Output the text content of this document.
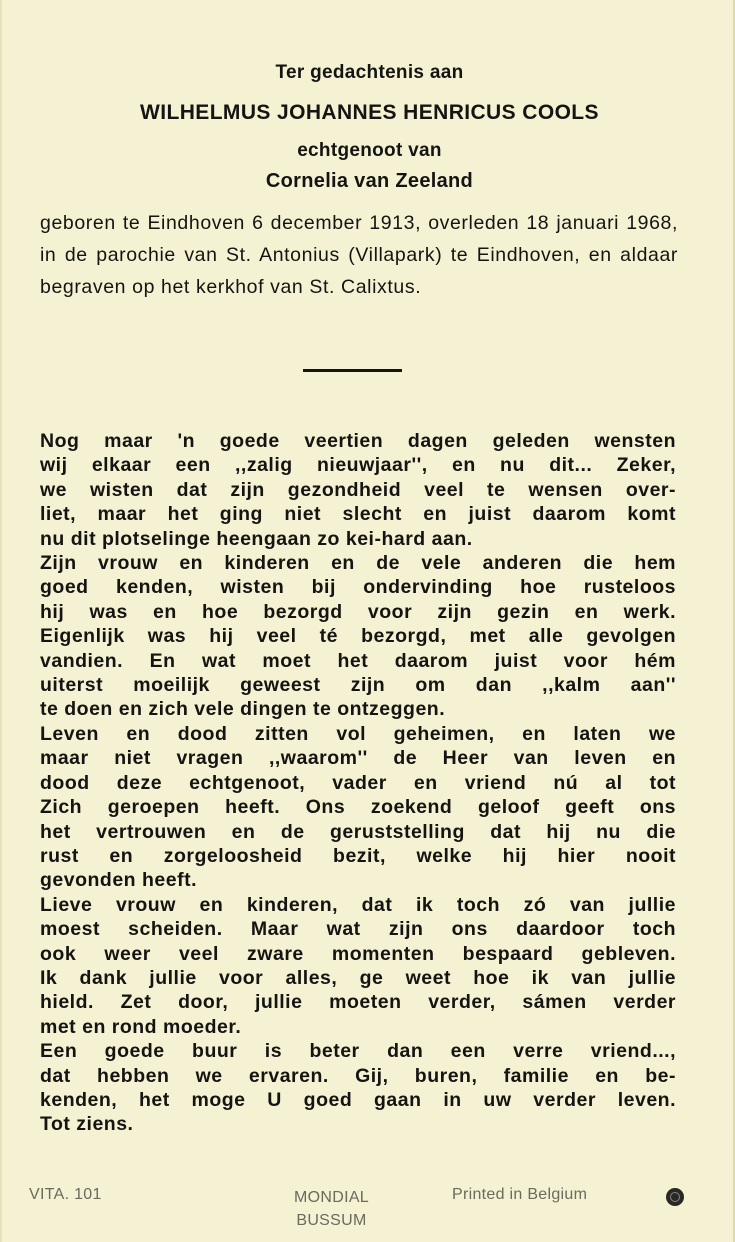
Ter gedachtenis aan
WILHELMUS JOHANNES HENRICUS COOLS
echtgenoot van
Cornelia van Zeeland
geboren te Eindhoven 6 december 1913, overleden 18 januari 1968, in de parochie van St. Antonius (Villapark) te Eindhoven, en aldaar begraven op het kerkhof van St. Calixtus.
Nog maar 'n goede veertien dagen geleden wensten
wij elkaar een ,,zalig nieuwjaar'', en nu dit... Zeker,
we wisten dat zijn gezondheid veel te wensen over-
liet, maar het ging niet slecht en juist daarom komt
nu dit plotselinge heengaan zo kei-hard aan.
Zijn vrouw en kinderen en de vele anderen die hem
goed kenden, wisten bij ondervinding hoe rusteloos
hij was en hoe bezorgd voor zijn gezin en werk.
Eigenlijk was hij veel té bezorgd, met alle gevolgen
vandien. En wat moet het daarom juist voor hém
uiterst moeilijk geweest zijn om dan ,,kalm aan''
te doen en zich vele dingen te ontzeggen.
Leven en dood zitten vol geheimen, en laten we
maar niet vragen ,,waarom'' de Heer van leven en
dood deze echtgenoot, vader en vriend nú al tot
Zich geroepen heeft. Ons zoekend geloof geeft ons
het vertrouwen en de geruststelling dat hij nu die
rust en zorgeloosheid bezit, welke hij hier nooit
gevonden heeft.
Lieve vrouw en kinderen, dat ik toch zó van jullie
moest scheiden. Maar wat zijn ons daardoor toch
ook weer veel zware momenten bespaard gebleven.
Ik dank jullie voor alles, ge weet hoe ik van jullie
hield. Zet door, jullie moeten verder, sámen verder
met en rond moeder.
Een goede buur is beter dan een verre vriend...,
dat hebben we ervaren. Gij, buren, familie en be-
kenden, het moge U goed gaan in uw verder leven.
Tot ziens.
VITA. 101	MONDIAL
BUSSUM
Printed in Belgium
